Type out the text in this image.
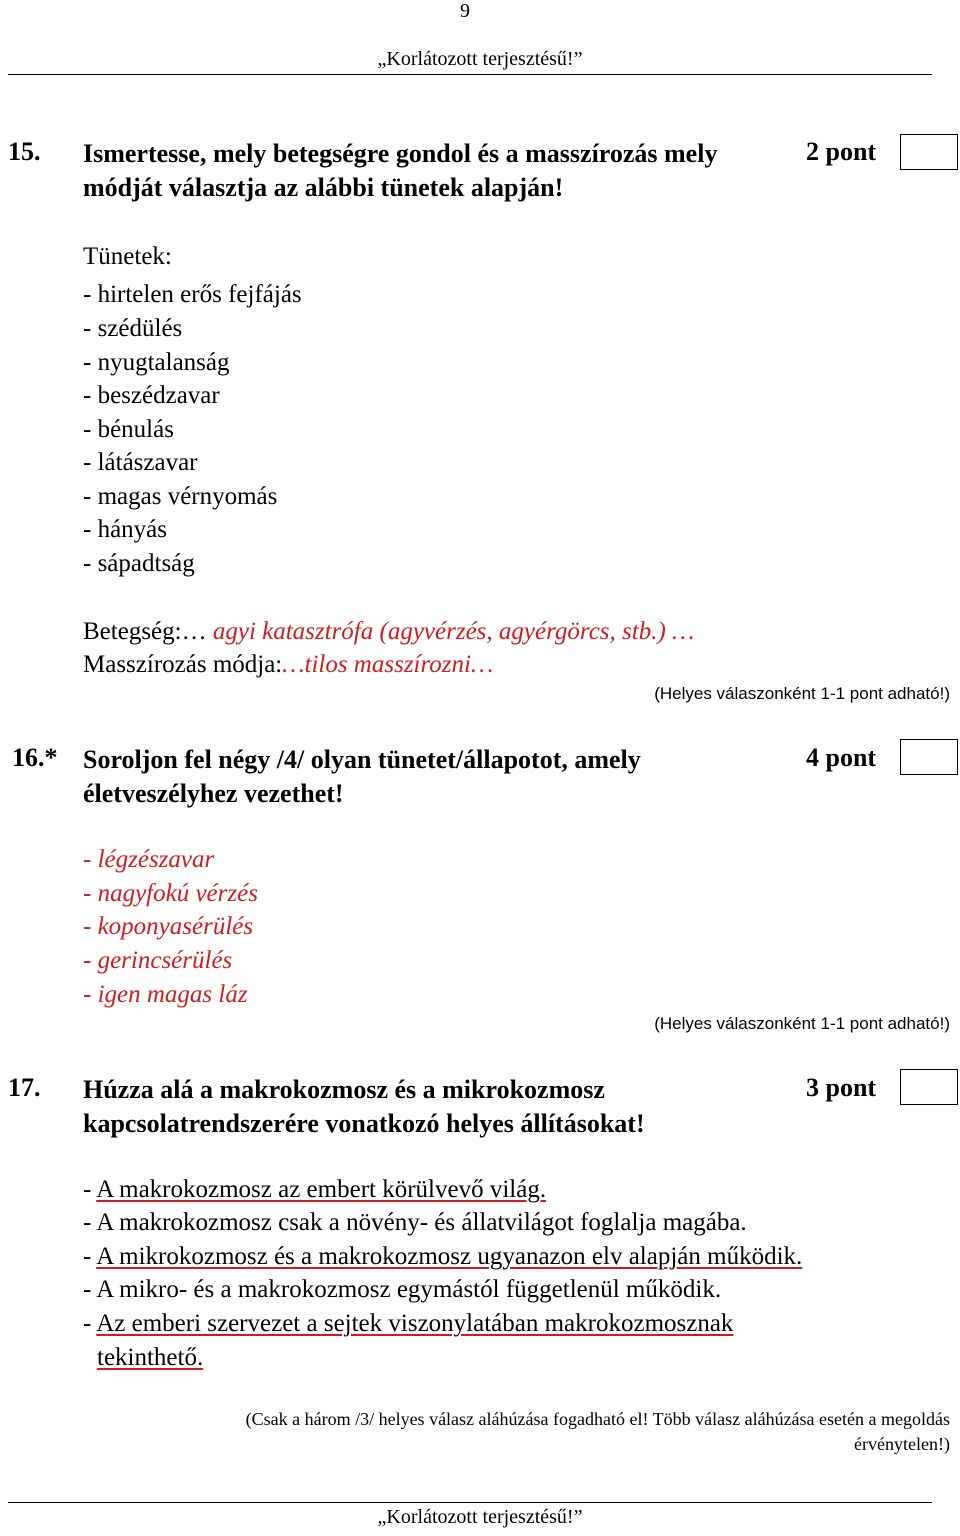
9
„Korlátozott terjesztésű!”
15. Ismertesse, mely betegségre gondol és a masszírozás mely
módját választja az alábbi tünetek alapján!
2 pont
Tünetek:
- hirtelen erős fejfájás
- szédülés
- nyugtalanság
- beszédzavar
- bénulás
- látászavar
- magas vérnyomás
- hányás
- sápadtság
Betegség:… agyi katasztrófa (agyvérzés, agyérgörcs, stb.) …
Masszírozás módja:…tilos masszírozni…
(Helyes válaszonként 1-1 pont adható!)
16.* Soroljon fel négy /4/ olyan tünetet/állapotot, amely
életveszélyhez vezethet!
4 pont
- légzészavar
- nagyfokú vérzés
- koponyasérülés
- gerincsérülés
- igen magas láz
(Helyes válaszonként 1-1 pont adható!)
17. Húzza alá a makrokozmosz és a mikrokozmosz
kapcsolatrendszerére vonatkozó helyes állításokat!
3 pont
- A makrokozmosz az embert körülvevő világ.
- A makrokozmosz csak a növény- és állatvilágot foglalja magába.
- A mikrokozmosz és a makrokozmosz ugyanazon elv alapján működik.
- A mikro- és a makrokozmosz egymástól függetlenül működik.
- Az emberi szervezet a sejtek viszonylatában makrokozmosznak
tekinthető.
(Csak a három /3/ helyes válasz aláhúzása fogadható el! Több válasz aláhúzása esetén a megoldás
érvénytelen!)
„Korlátozott terjesztésű!”
